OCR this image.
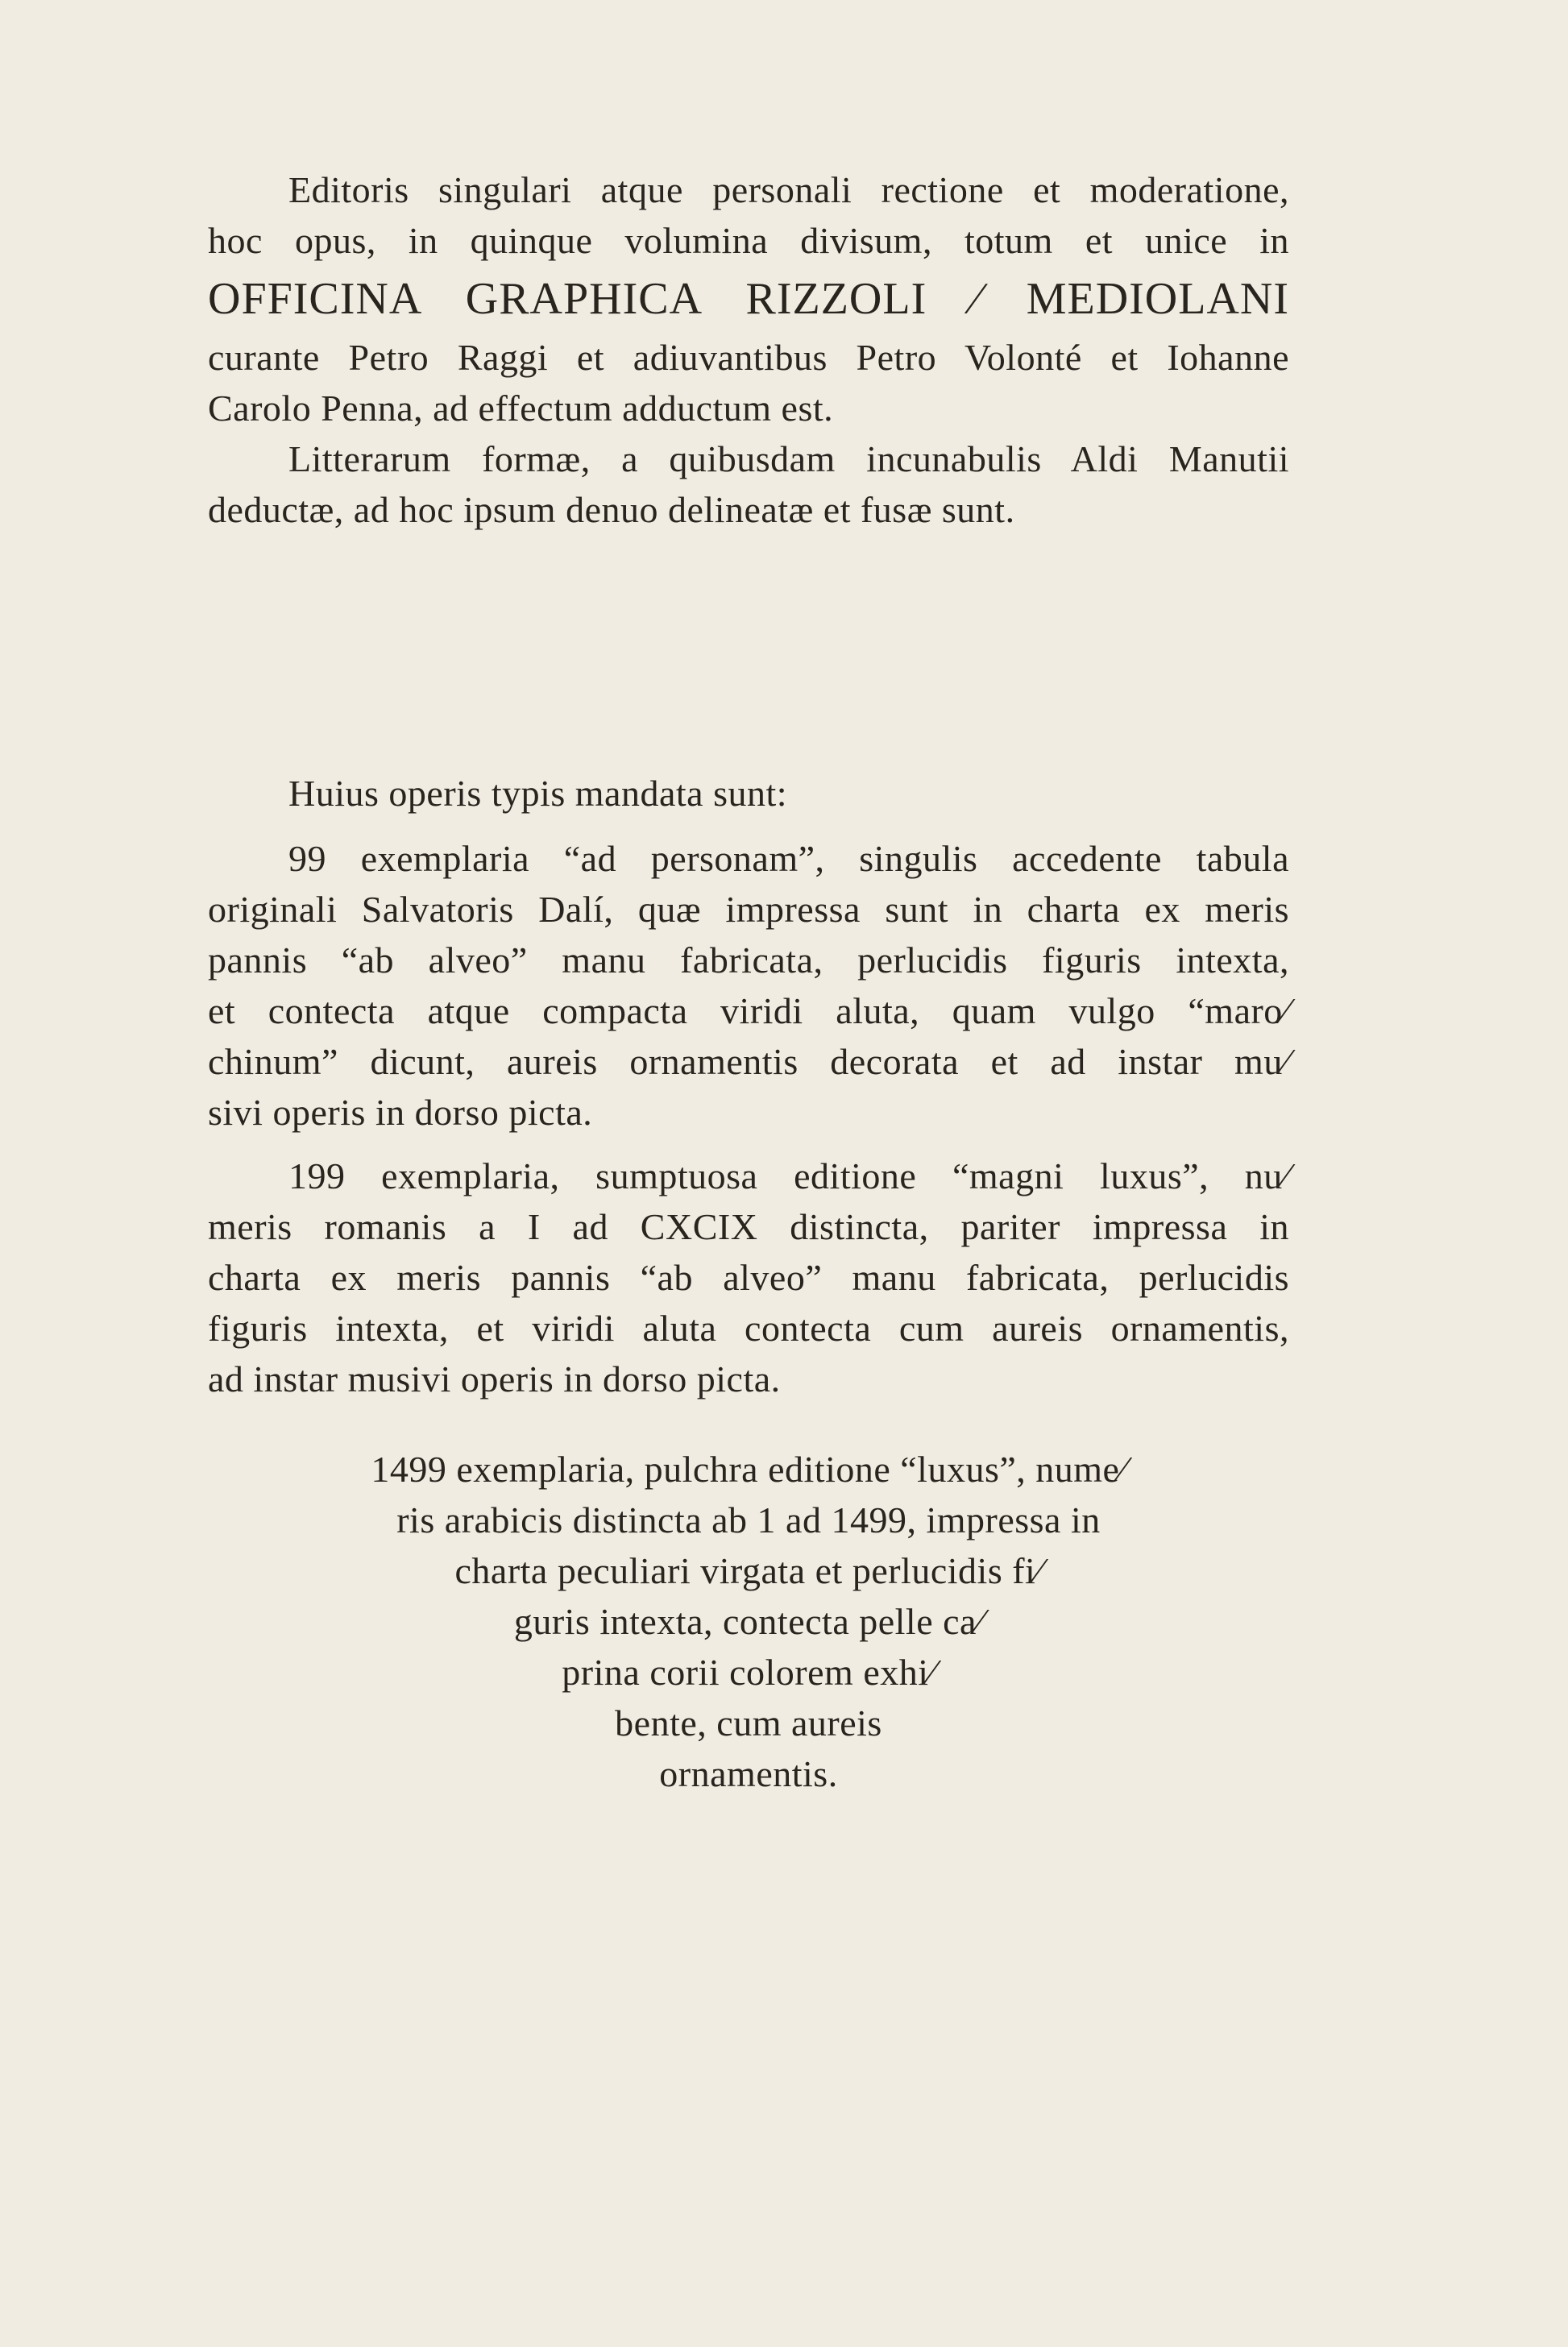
Editoris singulari atque personali rectione et moderatione,
hoc opus, in quinque volumina divisum, totum et unice in
OFFICINA GRAPHICA RIZZOLI ⁄ MEDIOLANI
curante Petro Raggi et adiuvantibus Petro Volonté et Iohanne
Carolo Penna, ad effectum adductum est.
Litterarum formæ, a quibusdam incunabulis Aldi Manutii
deductæ, ad hoc ipsum denuo delineatæ et fusæ sunt.
Huius operis typis mandata sunt:
99 exemplaria “ad personam”, singulis accedente tabula
originali Salvatoris Dalí, quæ impressa sunt in charta ex meris
pannis “ab alveo” manu fabricata, perlucidis figuris intexta,
et contecta atque compacta viridi aluta, quam vulgo “maro⁄
chinum” dicunt, aureis ornamentis decorata et ad instar mu⁄
sivi operis in dorso picta.
199 exemplaria, sumptuosa editione “magni luxus”, nu⁄
meris romanis a I ad CXCIX distincta, pariter impressa in
charta ex meris pannis “ab alveo” manu fabricata, perlucidis
figuris intexta, et viridi aluta contecta cum aureis ornamentis,
ad instar musivi operis in dorso picta.
1499 exemplaria, pulchra editione “luxus”, nume⁄
ris arabicis distincta ab 1 ad 1499, impressa in
charta peculiari virgata et perlucidis fi⁄
guris intexta, contecta pelle ca⁄
prina corii colorem exhi⁄
bente, cum aureis
ornamentis.
